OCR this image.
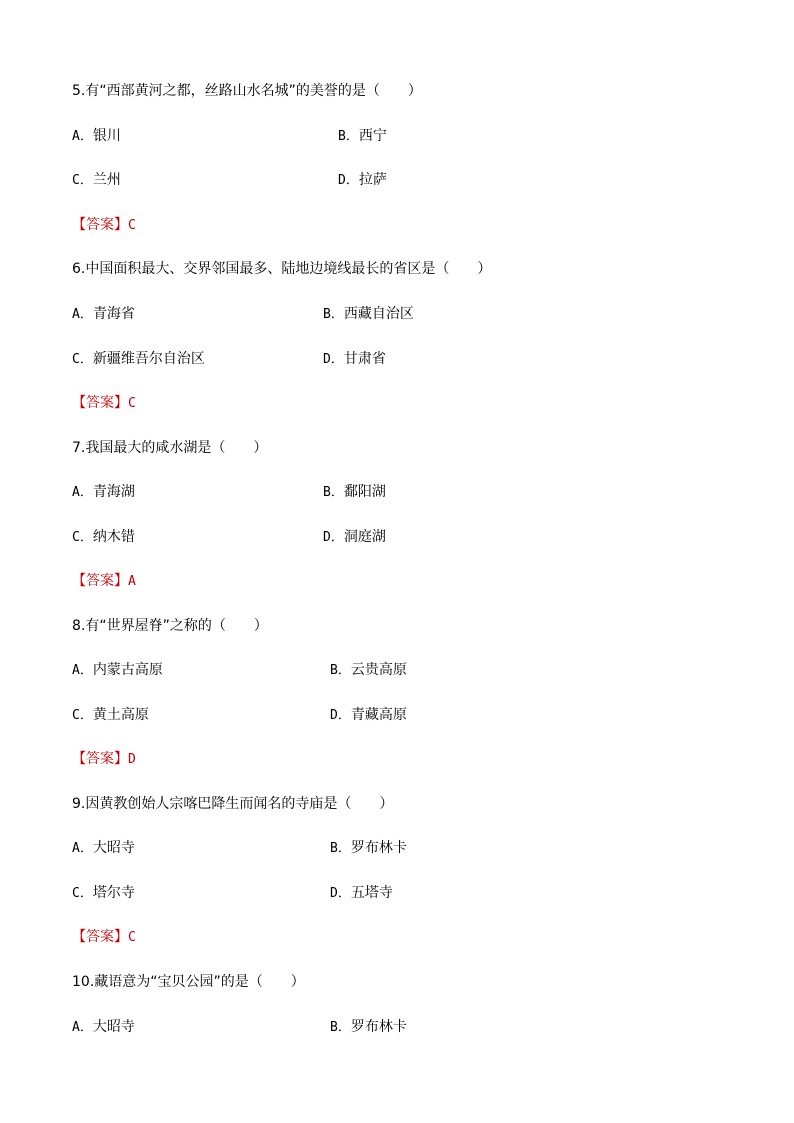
5.有“西部黄河之都，丝路山水名城”的美誉的是（　　）
A．银川	B．西宁
C．兰州	D．拉萨
【答案】C
6.中国面积最大、交界邻国最多、陆地边境线最长的省区是（　　）
A．青海省	B．西藏自治区
C．新疆维吾尔自治区	D．甘肃省
【答案】C
7.我国最大的咸水湖是（　　）
A．青海湖	B．鄱阳湖
C．纳木错	D．洞庭湖
【答案】A
8.有“世界屋脊”之称的（　　）
A．内蒙古高原	B．云贵高原
C．黄土高原	D．青藏高原
【答案】D
9.因黄教创始人宗喀巴降生而闻名的寺庙是（　　）
A．大昭寺	B．罗布林卡
C．塔尔寺	D．五塔寺
【答案】C
10.藏语意为“宝贝公园”的是（　　）
A．大昭寺	B．罗布林卡
